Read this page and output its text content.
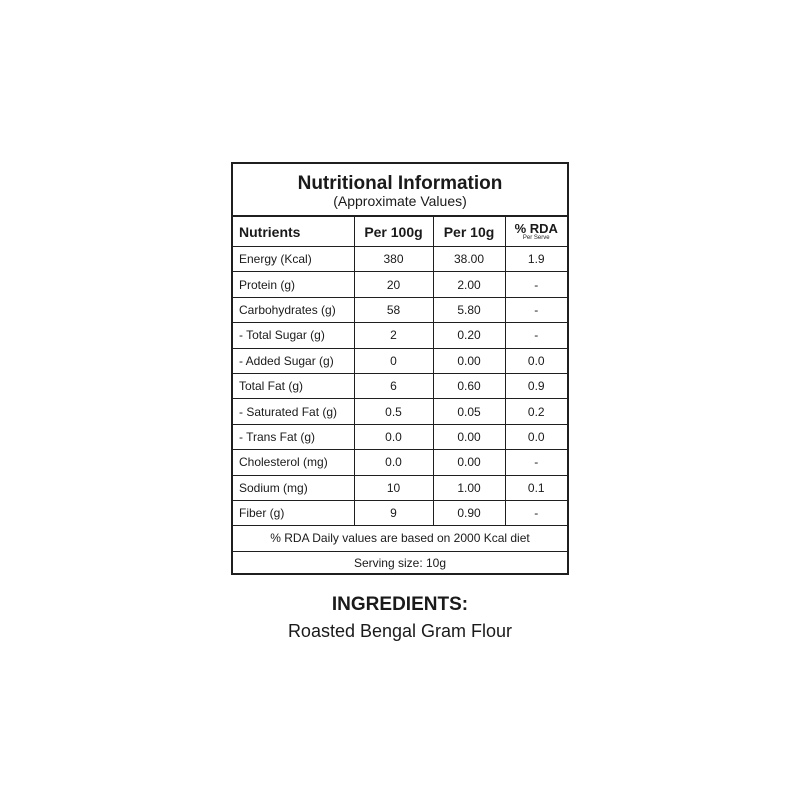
Nutritional Information
(Approximate Values)
Nutrients	Per 100g	Per 10g	% RDA
Per Serve

Energy (Kcal)	380	38.00	1.9
Protein (g)	20	2.00	-
Carbohydrates (g)	58	5.80	-
- Total Sugar (g)	2	0.20	-
- Added Sugar (g)	0	0.00	0.0
Total Fat (g)	6	0.60	0.9
- Saturated Fat (g)	0.5	0.05	0.2
- Trans Fat (g)	0.0	0.00	0.0
Cholesterol (mg)	0.0	0.00	-
Sodium (mg)	10	1.00	0.1
Fiber (g)	9	0.90	-
% RDA Daily values are based on 2000 Kcal diet
Serving size: 10g
INGREDIENTS:
Roasted Bengal Gram Flour
